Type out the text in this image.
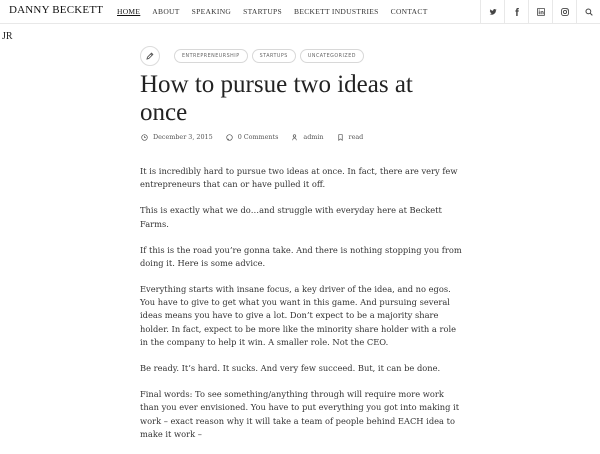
DANNY BECKETT HOME ABOUT SPEAKING STARTUPS BECKETT INDUSTRIES CONTACT
JR
ENTREPRENEURSHIP	STARTUPS	UNCATEGORIZED
How to pursue two ideas at once
December 3, 2015	0 Comments	admin	read

It is incredibly hard to pursue two ideas at once. In fact, there are very few entrepreneurs that can or have pulled it off.

This is exactly what we do…and struggle with everyday here at Beckett Farms.

If this is the road you’re gonna take. And there is nothing stopping you from doing it. Here is some advice.

Everything starts with insane focus, a key driver of the idea, and no egos. You have to give to get what you want in this game. And pursuing several ideas means you have to give a lot. Don’t expect to be a majority share holder. In fact, expect to be more like the minority share holder with a role in the company to help it win. A smaller role. Not the CEO.

Be ready. It’s hard. It sucks. And very few succeed. But, it can be done.

Final words: To see something/anything through will require more work than you ever envisioned. You have to put everything you got into making it work – exact reason why it will take a team of people behind EACH idea to make it work –
